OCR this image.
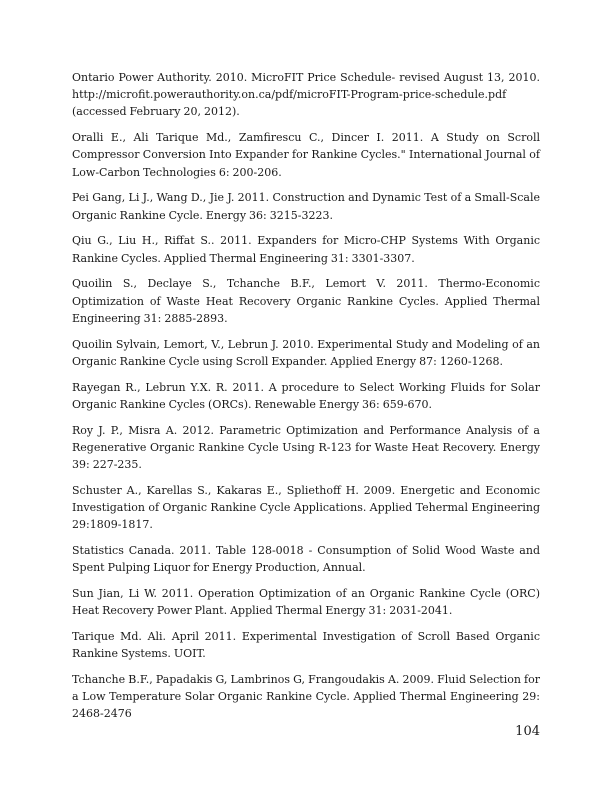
Ontario Power Authority. 2010. MicroFIT Price Schedule- revised August 13, 2010. http://microfit.powerauthority.on.ca/pdf/microFIT-Program-price-schedule.pdf (accessed February 20, 2012).

Oralli E., Ali Tarique Md., Zamfirescu C., Dincer I. 2011. A Study on Scroll Compressor Conversion Into Expander for Rankine Cycles." International Journal of Low-Carbon Technologies 6: 200-206.

Pei Gang, Li J., Wang D., Jie J. 2011. Construction and Dynamic Test of a Small-Scale Organic Rankine Cycle. Energy 36: 3215-3223.

Qiu G., Liu H., Riffat S.. 2011. Expanders for Micro-CHP Systems With Organic Rankine Cycles. Applied Thermal Engineering 31: 3301-3307.

Quoilin S., Declaye S., Tchanche B.F., Lemort V. 2011. Thermo-Economic Optimization of Waste Heat Recovery Organic Rankine Cycles. Applied Thermal Engineering 31: 2885-2893.

Quoilin Sylvain, Lemort, V., Lebrun J. 2010. Experimental Study and Modeling of an Organic Rankine Cycle using Scroll Expander. Applied Energy 87: 1260-1268.

Rayegan R., Lebrun Y.X. R. 2011. A procedure to Select Working Fluids for Solar Organic Rankine Cycles (ORCs). Renewable Energy 36: 659-670.

Roy J. P., Misra A. 2012. Parametric Optimization and Performance Analysis of a Regenerative Organic Rankine Cycle Using R-123 for Waste Heat Recovery. Energy 39: 227-235.

Schuster A., Karellas S., Kakaras E., Spliethoff H. 2009. Energetic and Economic Investigation of Organic Rankine Cycle Applications. Applied Tehermal Engineering 29:1809-1817.

Statistics Canada. 2011. Table 128-0018 - Consumption of Solid Wood Waste and Spent Pulping Liquor for Energy Production, Annual.

Sun Jian, Li W. 2011. Operation Optimization of an Organic Rankine Cycle (ORC) Heat Recovery Power Plant. Applied Thermal Energy 31: 2031-2041.

Tarique Md. Ali. April 2011. Experimental Investigation of Scroll Based Organic Rankine Systems. UOIT.

Tchanche B.F., Papadakis G, Lambrinos G, Frangoudakis A. 2009. Fluid Selection for a Low Temperature Solar Organic Rankine Cycle. Applied Thermal Engineering 29: 2468-2476

104
